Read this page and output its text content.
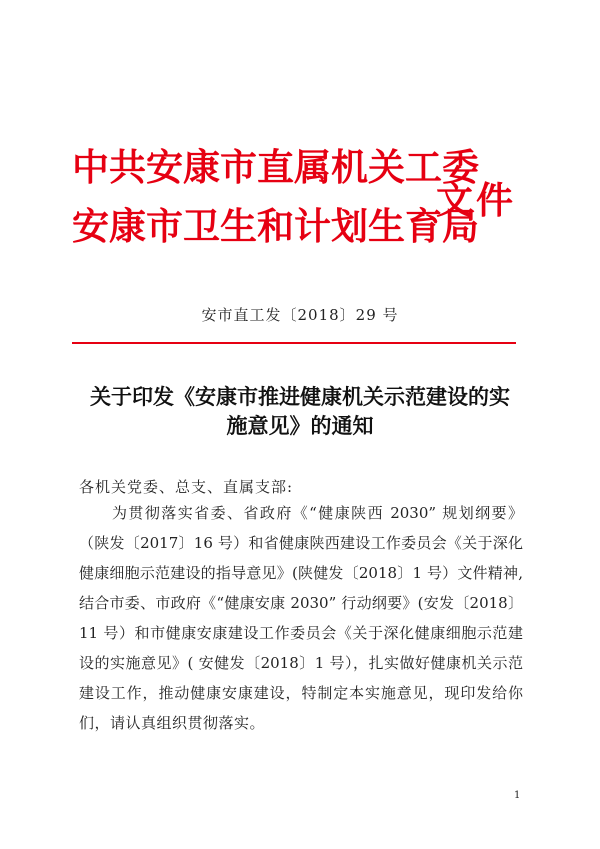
中共安康市直属机关工委
安康市卫生和计划生育局
文件
安市直工发〔2018〕29 号
关于印发《安康市推进健康机关示范建设的实
施意见》的通知
各机关党委、总支、直属支部:
为贯彻落实省委、省政府《“健康陕西 2030” 规划纲要》
（陕发〔2017〕16 号）和省健康陕西建设工作委员会《关于深化
健康细胞示范建设的指导意见》(陕健发〔2018〕1 号）文件精神,
结合市委、市政府《“健康安康 2030” 行动纲要》(安发〔2018〕
11 号）和市健康安康建设工作委员会《关于深化健康细胞示范建
设的实施意见》( 安健发〔2018〕1 号），扎实做好健康机关示范
建设工作，推动健康安康建设，特制定本实施意见，现印发给你
们，请认真组织贯彻落实。
1
